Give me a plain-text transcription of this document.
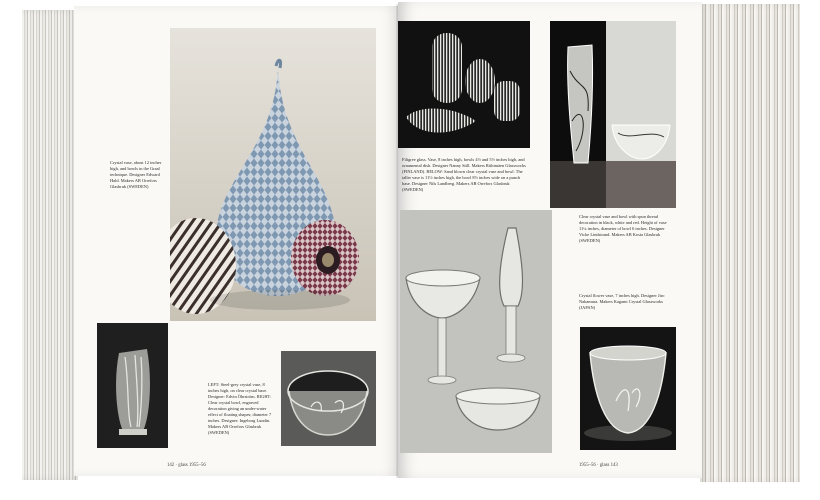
Crystal vase, about 12 inches high, and bowls in the Graal technique. Designer Edward Hald. Makers AB Orrefors Glasbruk (SWEDEN)
LEFT: Steel-grey crystal vase, 8 inches high, on clear crystal base. Designer: Edvin Öhrström. RIGHT: Clear crystal bowl, engraved decoration giving an under-water effect of floating shapes; diameter 7 inches. Designer: Ingeborg Lundin. Makers AB Orrefors Glasbruk (SWEDEN)
142 · glass 1955–56
Filigree glass. Vase, 8 inches high, bowls 4½ and 5½ inches high, and ornamental dish. Designer Nanny Still. Makers Riihimäen Glassworks (FINLAND). BELOW: Sand blown clear crystal vase and bowl. The taller vase is 11½ inches high, the bowl 8½ inches wide on a punch base. Designer Nils Landberg. Makers AB Orrefors Glasbruk (SWEDEN)
Clear crystal vase and bowl with spun thread decoration in black, white and red. Height of vase 11¼ inches, diameter of bowl 6 inches. Designer Vicke Lindstrand. Makers AB Kosta Glasbruk (SWEDEN)
Crystal flower vase, 7 inches high. Designer Jiro Nakamura. Makers Kagami Crystal Glassworks (JAPAN)
1955–56 · glass 143
